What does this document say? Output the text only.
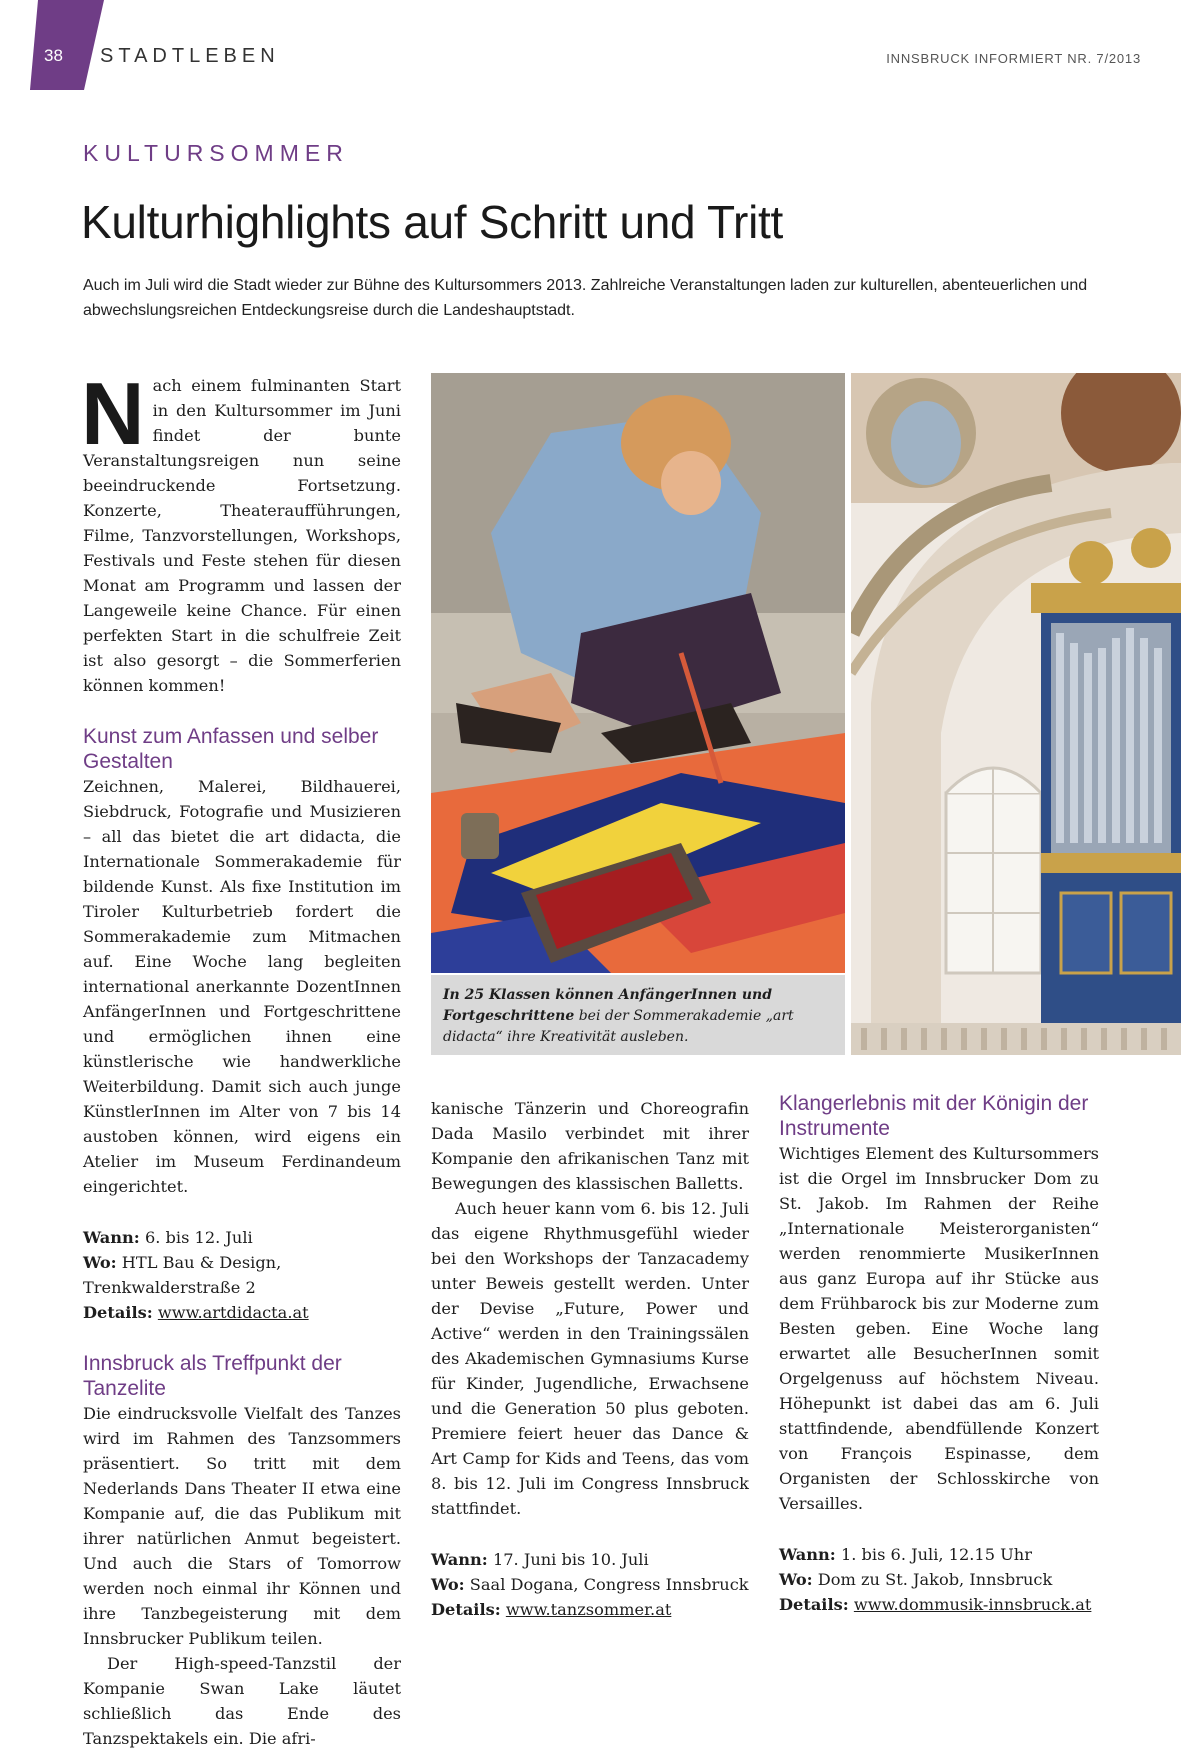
38 STADTLEBEN	INNSBRUCK INFORMIERT NR. 7/2013
KULTURSOMMER
Kulturhighlights auf Schritt und Tritt

Auch im Juli wird die Stadt wieder zur Bühne des Kultursommers 2013. Zahlreiche Veranstaltungen laden zur kulturellen, abenteuerlichen und abwechslungsreichen Entdeckungsreise durch die Landeshauptstadt.

Nach einem fulminanten Start in den Kultursommer im Juni findet der bunte Veranstaltungsreigen nun seine beeindruckende Fortsetzung. Konzerte, Theateraufführungen, Filme, Tanzvorstellungen, Workshops, Festivals und Feste stehen für diesen Monat am Programm und lassen der Langeweile keine Chance. Für einen perfekten Start in die schulfreie Zeit ist also gesorgt – die Sommerferien können kommen!

Kunst zum Anfassen und selber Gestalten

Zeichnen, Malerei, Bildhauerei, Siebdruck, Fotografie und Musizieren – all das bietet die art didacta, die Internationale Sommerakademie für bildende Kunst. Als fixe Institution im Tiroler Kulturbetrieb fordert die Sommerakademie zum Mitmachen auf. Eine Woche lang begleiten international anerkannte DozentInnen AnfängerInnen und Fortgeschrittene und ermöglichen ihnen eine künstlerische wie handwerkliche Weiterbildung. Damit sich auch junge KünstlerInnen im Alter von 7 bis 14 austoben können, wird eigens ein Atelier im Museum Ferdinandeum eingerichtet.

Wann: 6. bis 12. Juli

Wo: HTL Bau & Design, Trenkwalderstraße 2

Details: www.artdidacta.at

Innsbruck als Treffpunkt der Tanzelite

Die eindrucksvolle Vielfalt des Tanzes wird im Rahmen des Tanzsommers präsentiert. So tritt mit dem Nederlands Dans Theater II etwa eine Kompanie auf, die das Publikum mit ihrer natürlichen Anmut begeistert. Und auch die Stars of Tomorrow werden noch einmal ihr Können und ihre Tanzbegeisterung mit dem Innsbrucker Publikum teilen.

Der High-speed-Tanzstil der Kompanie Swan Lake läutet schließlich das Ende des Tanzspektakels ein. Die afri-

In 25 Klassen können AnfängerInnen und Fortgeschrittene bei der Sommerakademie „art didacta“ ihre Kreativität ausleben.

kanische Tänzerin und Choreografin Dada Masilo verbindet mit ihrer Kompanie den afrikanischen Tanz mit Bewegungen des klassischen Balletts.

Auch heuer kann vom 6. bis 12. Juli das eigene Rhythmusgefühl wieder bei den Workshops der Tanzacademy unter Beweis gestellt werden. Unter der Devise „Future, Power und Active“ werden in den Trainingssälen des Akademischen Gymnasiums Kurse für Kinder, Jugendliche, Erwachsene und die Generation 50 plus geboten. Premiere feiert heuer das Dance & Art Camp for Kids and Teens, das vom 8. bis 12. Juli im Congress Innsbruck stattfindet.

Wann: 17. Juni bis 10. Juli

Wo: Saal Dogana, Congress Innsbruck

Details: www.tanzsommer.at

Klangerlebnis mit der Königin der Instrumente

Wichtiges Element des Kultursommers ist die Orgel im Innsbrucker Dom zu St. Jakob. Im Rahmen der Reihe „Internationale Meisterorganisten“ werden renommierte MusikerInnen aus ganz Europa auf ihr Stücke aus dem Frühbarock bis zur Moderne zum Besten geben. Eine Woche lang erwartet alle BesucherInnen somit Orgelgenuss auf höchstem Niveau. Höhepunkt ist dabei das am 6. Juli stattfindende, abendfüllende Konzert von François Espinasse, dem Organisten der Schlosskirche von Versailles.

Wann: 1. bis 6. Juli, 12.15 Uhr

Wo: Dom zu St. Jakob, Innsbruck

Details: www.dommusik-innsbruck.at
